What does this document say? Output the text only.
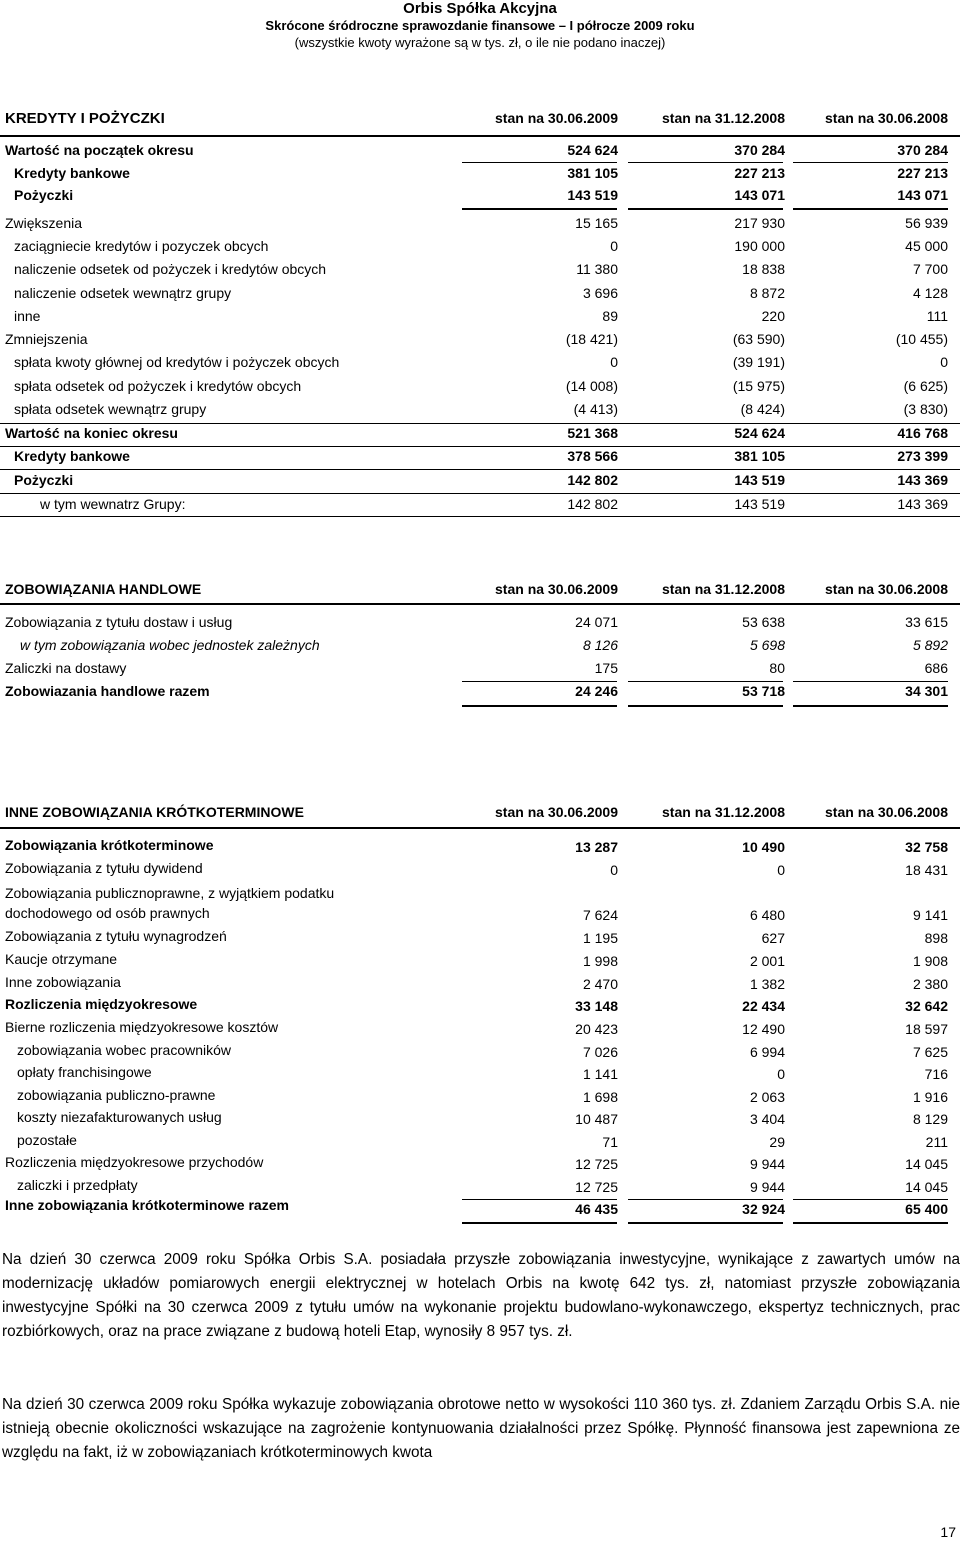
Orbis Spółka Akcyjna
Skrócone śródroczne sprawozdanie finansowe – I półrocze 2009 roku
(wszystkie kwoty wyrażone są w tys. zł, o ile nie podano inaczej)
KREDYTY I POŻYCZKI	stan na 30.06.2009	stan na 31.12.2008	stan na 30.06.2008
Wartość na początek okresu	524 624	370 284	370 284
Kredyty bankowe	381 105	227 213	227 213
Pożyczki	143 519	143 071	143 071
Zwiększenia	15 165	217 930	56 939
zaciągniecie kredytów i pozyczek obcych	0	190 000	45 000
naliczenie odsetek od pożyczek i kredytów obcych	11 380	18 838	7 700
naliczenie odsetek wewnątrz grupy	3 696	8 872	4 128
inne	89	220	111
Zmniejszenia	(18 421)	(63 590)	(10 455)
spłata kwoty głównej od kredytów i pożyczek obcych	0	(39 191)	0
spłata odsetek od pożyczek i kredytów obcych	(14 008)	(15 975)	(6 625)
spłata odsetek wewnątrz grupy	(4 413)	(8 424)	(3 830)
Wartość na koniec okresu	521 368	524 624	416 768
Kredyty bankowe	378 566	381 105	273 399
Pożyczki	142 802	143 519	143 369
w tym wewnatrz Grupy:	142 802	143 519	143 369
ZOBOWIĄZANIA HANDLOWE	stan na 30.06.2009	stan na 31.12.2008	stan na 30.06.2008
Zobowiązania z tytułu dostaw i usług	24 071	53 638	33 615
w tym zobowiązania wobec jednostek zależnych	8 126	5 698	5 892
Zaliczki na dostawy	175	80	686
Zobowiazania handlowe razem	24 246	53 718	34 301
INNE ZOBOWIĄZANIA KRÓTKOTERMINOWE	stan na 30.06.2009	stan na 31.12.2008	stan na 30.06.2008
Zobowiązania krótkoterminowe	13 287	10 490	32 758
Zobowiązania z tytułu dywidend	0	0	18 431
Zobowiązania publicznoprawne, z wyjątkiem podatku
dochodowego od osób prawnych	7 624	6 480	9 141
Zobowiązania z tytułu wynagrodzeń	1 195	627	898
Kaucje otrzymane	1 998	2 001	1 908
Inne zobowiązania	2 470	1 382	2 380
Rozliczenia międzyokresowe	33 148	22 434	32 642
Bierne rozliczenia międzyokresowe kosztów	20 423	12 490	18 597
zobowiązania wobec pracowników	7 026	6 994	7 625
opłaty franchisingowe	1 141	0	716
zobowiązania publiczno-prawne	1 698	2 063	1 916
koszty niezafakturowanych usług	10 487	3 404	8 129
pozostałe	71	29	211
Rozliczenia międzyokresowe przychodów	12 725	9 944	14 045
zaliczki i przedpłaty	12 725	9 944	14 045
Inne zobowiązania krótkoterminowe razem	46 435	32 924	65 400

Na dzień 30 czerwca 2009 roku Spółka Orbis S.A. posiadała przyszłe zobowiązania inwestycyjne, wynikające z zawartych umów na modernizację układów pomiarowych energii elektrycznej w hotelach Orbis na kwotę 642 tys. zł, natomiast przyszłe zobowiązania inwestycyjne Spółki na 30 czerwca 2009 z tytułu umów na wykonanie projektu budowlano-wykonawczego, ekspertyz technicznych, prac rozbiórkowych, oraz na prace związane z budową hoteli Etap, wynosiły 8 957 tys. zł.

Na dzień 30 czerwca 2009 roku Spółka wykazuje zobowiązania obrotowe netto w wysokości 110 360 tys. zł. Zdaniem Zarządu Orbis S.A. nie istnieją obecnie okoliczności wskazujące na zagrożenie kontynuowania działalności przez Spółkę. Płynność finansowa jest zapewniona ze względu na fakt, iż w zobowiązaniach krótkoterminowych kwota

17
